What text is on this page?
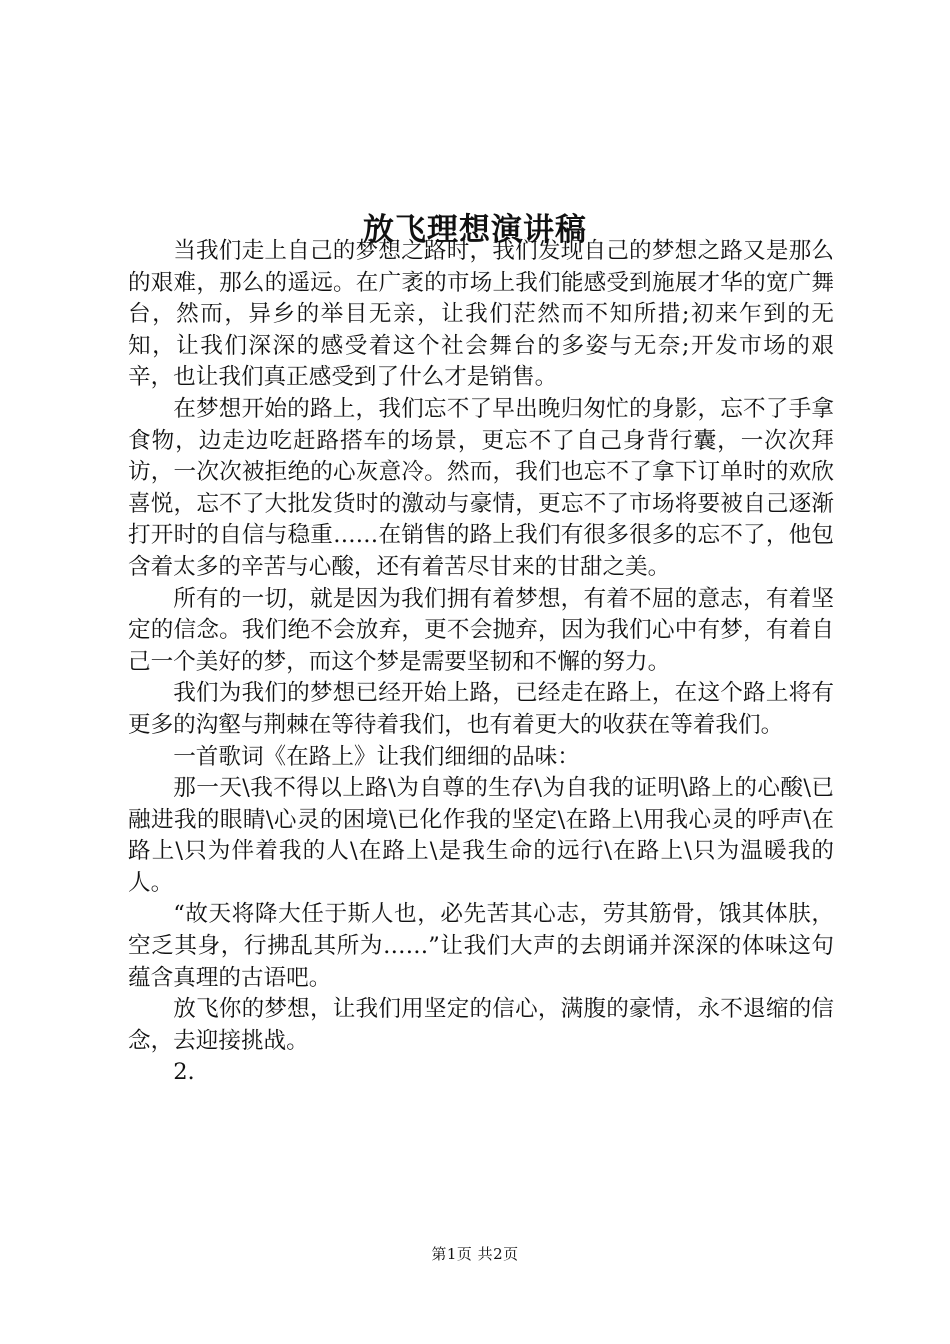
放飞理想演讲稿

当我们走上自己的梦想之路时，我们发现自己的梦想之路又是那么的艰难，那么的遥远。在广袤的市场上我们能感受到施展才华的宽广舞台，然而，异乡的举目无亲，让我们茫然而不知所措;初来乍到的无知，让我们深深的感受着这个社会舞台的多姿与无奈;开发市场的艰辛，也让我们真正感受到了什么才是销售。

在梦想开始的路上，我们忘不了早出晚归匆忙的身影，忘不了手拿食物，边走边吃赶路搭车的场景，更忘不了自己身背行囊，一次次拜访，一次次被拒绝的心灰意冷。然而，我们也忘不了拿下订单时的欢欣喜悦，忘不了大批发货时的激动与豪情，更忘不了市场将要被自己逐渐打开时的自信与稳重……在销售的路上我们有很多很多的忘不了，他包含着太多的辛苦与心酸，还有着苦尽甘来的甘甜之美。

所有的一切，就是因为我们拥有着梦想，有着不屈的意志，有着坚定的信念。我们绝不会放弃，更不会抛弃，因为我们心中有梦，有着自己一个美好的梦，而这个梦是需要坚韧和不懈的努力。

我们为我们的梦想已经开始上路，已经走在路上，在这个路上将有更多的沟壑与荆棘在等待着我们，也有着更大的收获在等着我们。

一首歌词《在路上》让我们细细的品味：

那一天\我不得以上路\为自尊的生存\为自我的证明\路上的心酸\已融进我的眼睛\心灵的困境\已化作我的坚定\在路上\用我心灵的呼声\在路上\只为伴着我的人\在路上\是我生命的远行\在路上\只为温暖我的人。

“故天将降大任于斯人也，必先苦其心志，劳其筋骨，饿其体肤，空乏其身，行拂乱其所为……”让我们大声的去朗诵并深深的体味这句蕴含真理的古语吧。

放飞你的梦想，让我们用坚定的信心，满腹的豪情，永不退缩的信念，去迎接挑战。

2.

第1页 共2页
